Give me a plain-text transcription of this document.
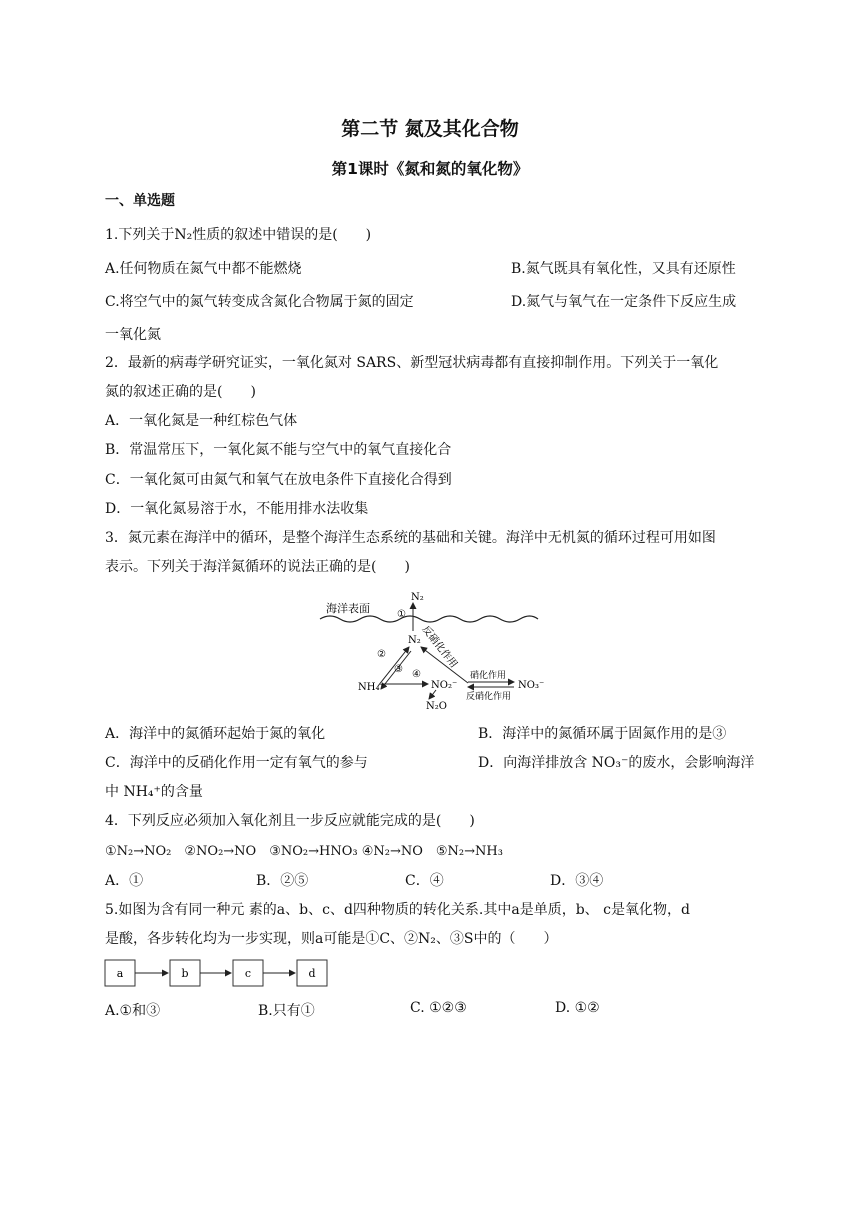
第二节 氮及其化合物
第1课时《氮和氮的氧化物》
一、单选题
1.下列关于N₂性质的叙述中错误的是(　　)
A.任何物质在氮气中都不能燃烧	B.氮气既具有氧化性，又具有还原性
C.将空气中的氮气转变成含氮化合物属于氮的固定	D.氮气与氧气在一定条件下反应生成
一氧化氮
2．最新的病毒学研究证实，一氧化氮对 SARS、新型冠状病毒都有直接抑制作用。下列关于一氧化
氮的叙述正确的是(　　)
A．一氧化氮是一种红棕色气体
B．常温常压下，一氧化氮不能与空气中的氧气直接化合
C．一氧化氮可由氮气和氧气在放电条件下直接化合得到
D．一氧化氮易溶于水，不能用排水法收集
3．氮元素在海洋中的循环，是整个海洋生态系统的基础和关键。海洋中无机氮的循环过程可用如图
表示。下列关于海洋氮循环的说法正确的是(　　)
海洋表面
N₂
①
N₂
②
③ 反硝化作用
NH₄⁺
④
NO₂⁻
N₂O
硝化作用
反硝化作用
NO₃⁻
A．海洋中的氮循环起始于氮的氧化	B．海洋中的氮循环属于固氮作用的是③
C．海洋中的反硝化作用一定有氧气的参与	D．向海洋排放含 NO₃⁻的废水，会影响海洋
中 NH₄⁺的含量
4．下列反应必须加入氧化剂且一步反应就能完成的是(　　)
①N₂→NO₂　②NO₂→NO　③NO₂→HNO₃ ④N₂→NO　⑤N₂→NH₃
A．①	B．②⑤	C．④	D．③④
5.如图为含有同一种元 素的a、b、c、d四种物质的转化关系.其中a是单质，b、 c是氧化物，d
是酸，各步转化均为一步实现，则a可能是①C、②N₂、③S中的（　　）
a	b	c	d
A.①和③	B.只有①	C. ①②③	D. ①②
